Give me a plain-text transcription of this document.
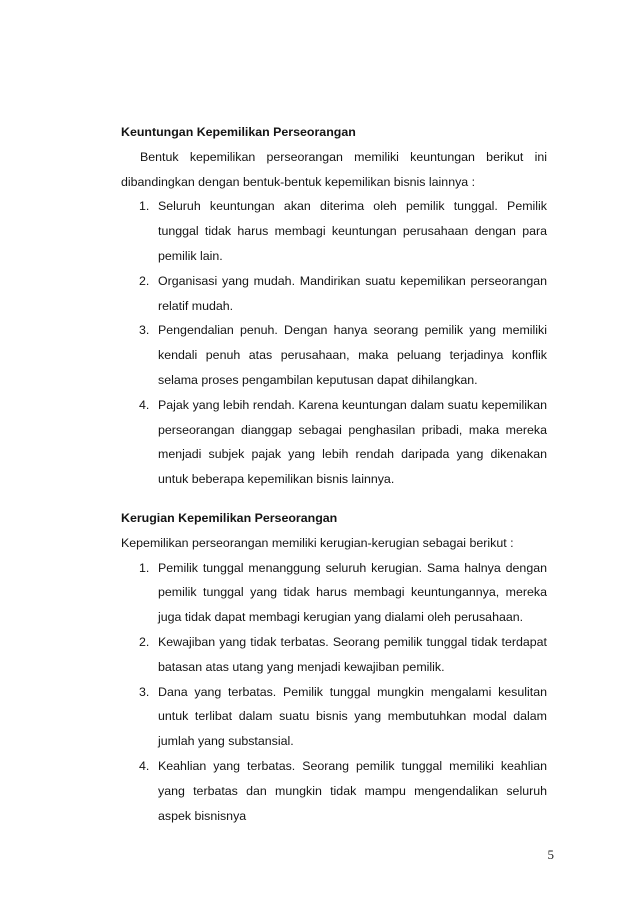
Keuntungan Kepemilikan Perseorangan

Bentuk kepemilikan perseorangan memiliki keuntungan berikut ini dibandingkan dengan bentuk-bentuk kepemilikan bisnis lainnya :

1. Seluruh keuntungan akan diterima oleh pemilik tunggal. Pemilik tunggal tidak harus membagi keuntungan perusahaan dengan para pemilik lain.
2. Organisasi yang mudah. Mandirikan suatu kepemilikan perseorangan relatif mudah.
3. Pengendalian penuh. Dengan hanya seorang pemilik yang memiliki kendali penuh atas perusahaan, maka peluang terjadinya konflik selama proses pengambilan keputusan dapat dihilangkan.
4. Pajak yang lebih rendah. Karena keuntungan dalam suatu kepemilikan perseorangan dianggap sebagai penghasilan pribadi, maka mereka menjadi subjek pajak yang lebih rendah daripada yang dikenakan untuk beberapa kepemilikan bisnis lainnya.

Kerugian Kepemilikan Perseorangan

Kepemilikan perseorangan memiliki kerugian-kerugian sebagai berikut :

1. Pemilik tunggal menanggung seluruh kerugian. Sama halnya dengan pemilik tunggal yang tidak harus membagi keuntungannya, mereka juga tidak dapat membagi kerugian yang dialami oleh perusahaan.
2. Kewajiban yang tidak terbatas. Seorang pemilik tunggal tidak terdapat batasan atas utang yang menjadi kewajiban pemilik.
3. Dana yang terbatas. Pemilik tunggal mungkin mengalami kesulitan untuk terlibat dalam suatu bisnis yang membutuhkan modal dalam jumlah yang substansial.
4. Keahlian yang terbatas. Seorang pemilik tunggal memiliki keahlian yang terbatas dan mungkin tidak mampu mengendalikan seluruh aspek bisnisnya
5
